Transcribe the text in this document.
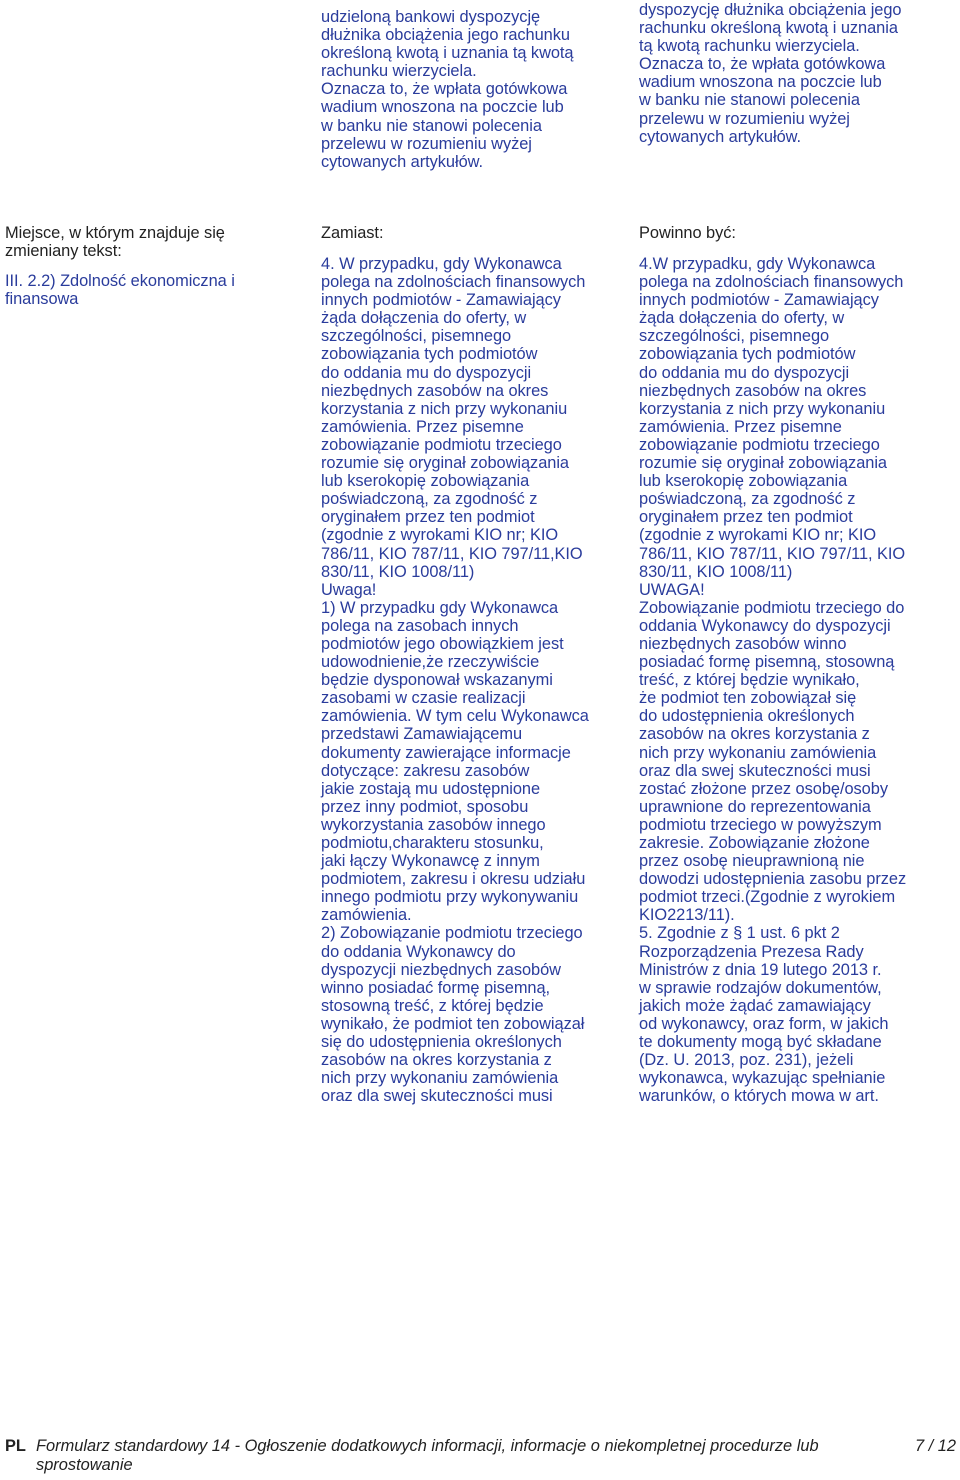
udzieloną bankowi dyspozycję
dłużnika obciążenia jego rachunku
określoną kwotą i uznania tą kwotą
rachunku wierzyciela.
Oznacza to, że wpłata gotówkowa
wadium wnoszona na poczcie lub
w banku nie stanowi polecenia
przelewu w rozumieniu wyżej
cytowanych artykułów.

dyspozycję dłużnika obciążenia jego
rachunku określoną kwotą i uznania
tą kwotą rachunku wierzyciela.
Oznacza to, że wpłata gotówkowa
wadium wnoszona na poczcie lub
w banku nie stanowi polecenia
przelewu w rozumieniu wyżej
cytowanych artykułów.

Miejsce, w którym znajduje się
zmieniany tekst:

III. 2.2) Zdolność ekonomiczna i
finansowa

Zamiast:	Powinno być:

4. W przypadku, gdy Wykonawca
polega na zdolnościach finansowych
innych podmiotów - Zamawiający
żąda dołączenia do oferty, w
szczególności, pisemnego
zobowiązania tych podmiotów
do oddania mu do dyspozycji
niezbędnych zasobów na okres
korzystania z nich przy wykonaniu
zamówienia. Przez pisemne
zobowiązanie podmiotu trzeciego
rozumie się oryginał zobowiązania
lub kserokopię zobowiązania
poświadczoną, za zgodność z
oryginałem przez ten podmiot
(zgodnie z wyrokami KIO nr; KIO
786/11, KIO 787/11, KIO 797/11,KIO
830/11, KIO 1008/11)
Uwaga!
1) W przypadku gdy Wykonawca
polega na zasobach innych
podmiotów jego obowiązkiem jest
udowodnienie,że rzeczywiście
będzie dysponował wskazanymi
zasobami w czasie realizacji
zamówienia. W tym celu Wykonawca
przedstawi Zamawiającemu
dokumenty zawierające informacje
dotyczące: zakresu zasobów
jakie zostają mu udostępnione
przez inny podmiot, sposobu
wykorzystania zasobów innego
podmiotu,charakteru stosunku,
jaki łączy Wykonawcę z innym
podmiotem, zakresu i okresu udziału
innego podmiotu przy wykonywaniu
zamówienia.
2) Zobowiązanie podmiotu trzeciego
do oddania Wykonawcy do
dyspozycji niezbędnych zasobów
winno posiadać formę pisemną,
stosowną treść, z której będzie
wynikało, że podmiot ten zobowiązał
się do udostępnienia określonych
zasobów na okres korzystania z
nich przy wykonaniu zamówienia
oraz dla swej skuteczności musi

4.W przypadku, gdy Wykonawca
polega na zdolnościach finansowych
innych podmiotów - Zamawiający
żąda dołączenia do oferty, w
szczególności, pisemnego
zobowiązania tych podmiotów
do oddania mu do dyspozycji
niezbędnych zasobów na okres
korzystania z nich przy wykonaniu
zamówienia. Przez pisemne
zobowiązanie podmiotu trzeciego
rozumie się oryginał zobowiązania
lub kserokopię zobowiązania
poświadczoną, za zgodność z
oryginałem przez ten podmiot
(zgodnie z wyrokami KIO nr; KIO
786/11, KIO 787/11, KIO 797/11, KIO
830/11, KIO 1008/11)
UWAGA!
Zobowiązanie podmiotu trzeciego do
oddania Wykonawcy do dyspozycji
niezbędnych zasobów winno
posiadać formę pisemną, stosowną
treść, z której będzie wynikało,
że podmiot ten zobowiązał się
do udostępnienia określonych
zasobów na okres korzystania z
nich przy wykonaniu zamówienia
oraz dla swej skuteczności musi
zostać złożone przez osobę/osoby
uprawnione do reprezentowania
podmiotu trzeciego w powyższym
zakresie. Zobowiązanie złożone
przez osobę nieuprawnioną nie
dowodzi udostępnienia zasobu przez
podmiot trzeci.(Zgodnie z wyrokiem
KIO2213/11).
5. Zgodnie z § 1 ust. 6 pkt 2
Rozporządzenia Prezesa Rady
Ministrów z dnia 19 lutego 2013 r.
w sprawie rodzajów dokumentów,
jakich może żądać zamawiający
od wykonawcy, oraz form, w jakich
te dokumenty mogą być składane
(Dz. U. 2013, poz. 231), jeżeli
wykonawca, wykazując spełnianie
warunków, o których mowa w art.

PL Formularz standardowy 14 - Ogłoszenie dodatkowych informacji, informacje o niekompletnej procedurze lub
sprostowanie
7 / 12
